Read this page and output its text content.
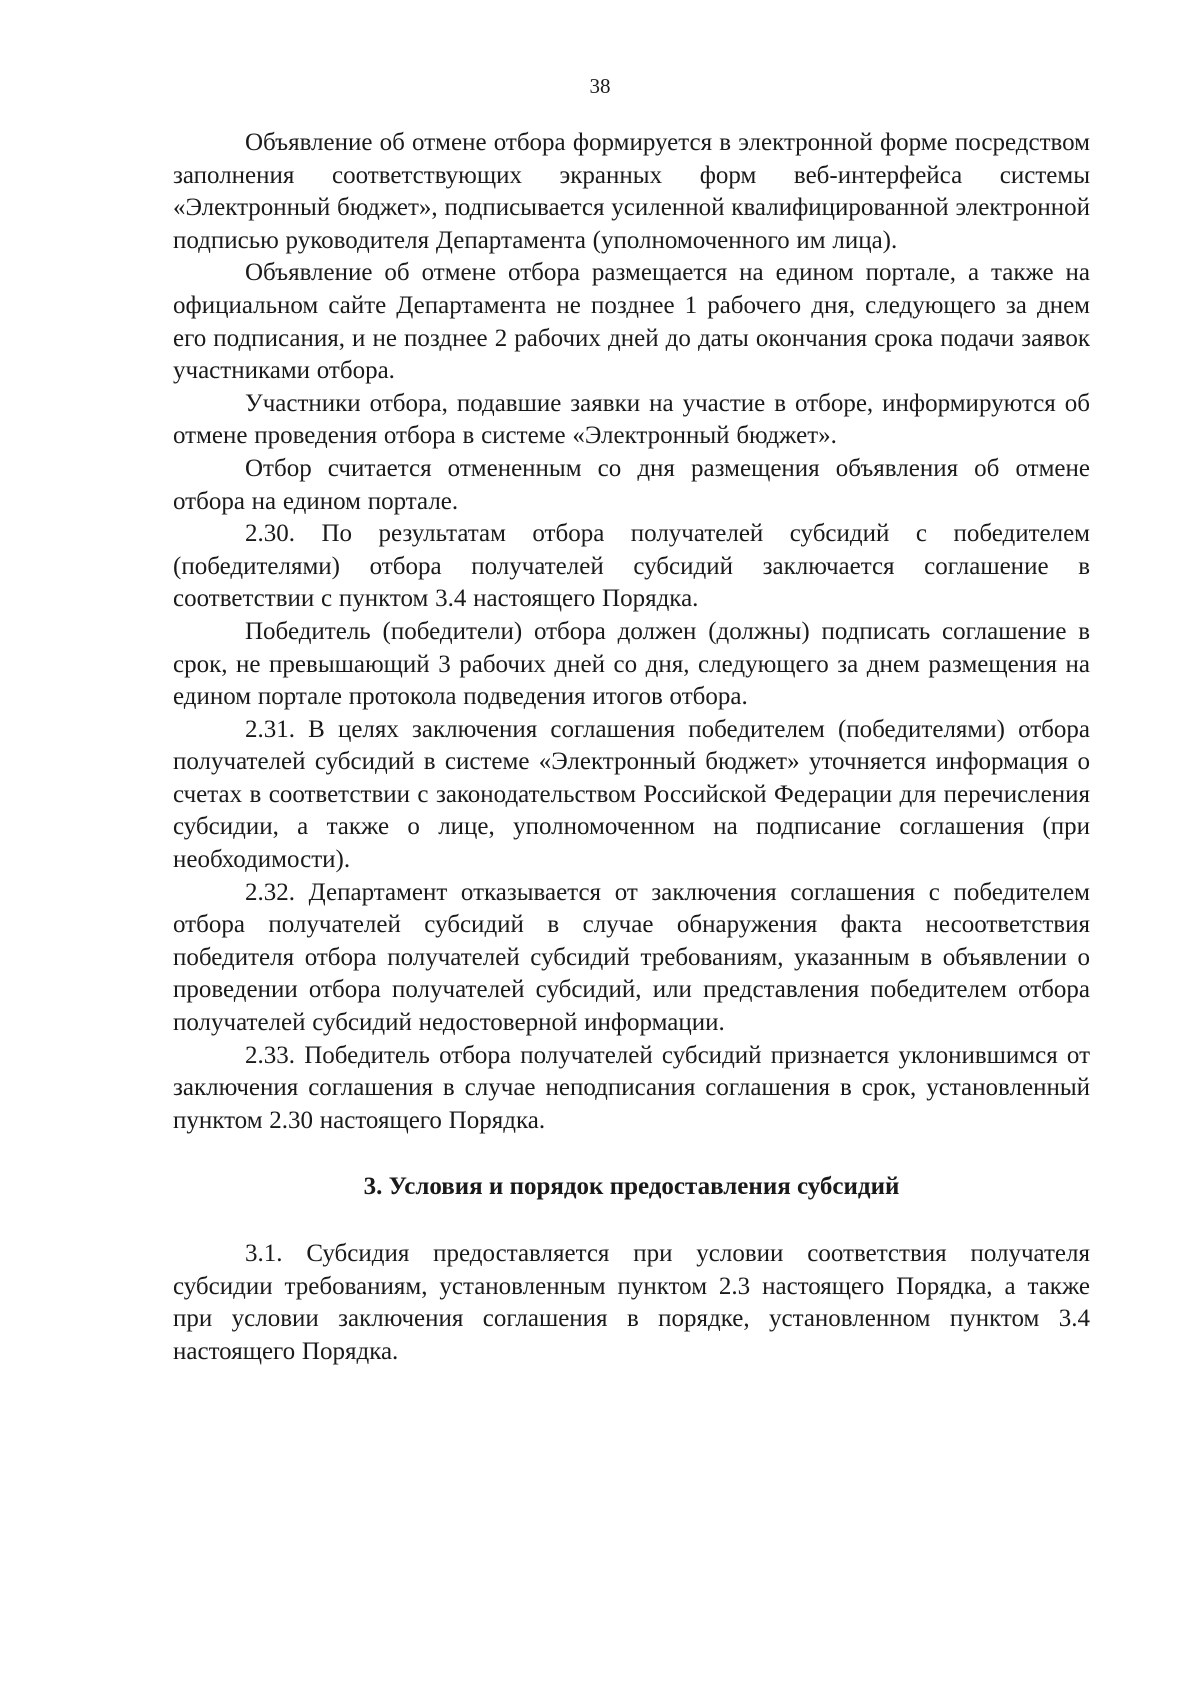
38

Объявление об отмене отбора формируется в электронной форме посредством заполнения соответствующих экранных форм веб-интерфейса системы «Электронный бюджет», подписывается усиленной квалифицированной электронной подписью руководителя Департамента (уполномоченного им лица).

Объявление об отмене отбора размещается на едином портале, а также на официальном сайте Департамента не позднее 1 рабочего дня, следующего за днем его подписания, и не позднее 2 рабочих дней до даты окончания срока подачи заявок участниками отбора.

Участники отбора, подавшие заявки на участие в отборе, информируются об отмене проведения отбора в системе «Электронный бюджет».

Отбор считается отмененным со дня размещения объявления об отмене отбора на едином портале.

2.30. По результатам отбора получателей субсидий с победителем (победителями) отбора получателей субсидий заключается соглашение в соответствии с пунктом 3.4 настоящего Порядка.

Победитель (победители) отбора должен (должны) подписать соглашение в срок, не превышающий 3 рабочих дней со дня, следующего за днем размещения на едином портале протокола подведения итогов отбора.

2.31. В целях заключения соглашения победителем (победителями) отбора получателей субсидий в системе «Электронный бюджет» уточняется информация о счетах в соответствии с законодательством Российской Федерации для перечисления субсидии, а также о лице, уполномоченном на подписание соглашения (при необходимости).

2.32. Департамент отказывается от заключения соглашения с победителем отбора получателей субсидий в случае обнаружения факта несоответствия победителя отбора получателей субсидий требованиям, указанным в объявлении о проведении отбора получателей субсидий, или представления победителем отбора получателей субсидий недостоверной информации.

2.33. Победитель отбора получателей субсидий признается уклонившимся от заключения соглашения в случае неподписания соглашения в срок, установленный пунктом 2.30 настоящего Порядка.

3. Условия и порядок предоставления субсидий

3.1. Субсидия предоставляется при условии соответствия получателя субсидии требованиям, установленным пунктом 2.3 настоящего Порядка, а также при условии заключения соглашения в порядке, установленном пунктом 3.4 настоящего Порядка.
